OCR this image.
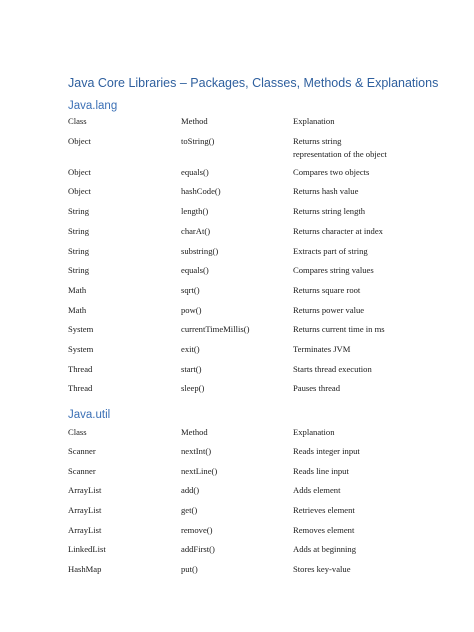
Java Core Libraries – Packages, Classes, Methods & Explanations
Java.lang
Class	Method	Explanation
Object	toString()	Returns string
representation of the object
Object	equals()	Compares two objects
Object	hashCode()	Returns hash value
String	length()	Returns string length
String	charAt()	Returns character at index
String	substring()	Extracts part of string
String	equals()	Compares string values
Math	sqrt()	Returns square root
Math	pow()	Returns power value
System	currentTimeMillis()	Returns current time in ms
System	exit()	Terminates JVM
Thread	start()	Starts thread execution
Thread	sleep()	Pauses thread
Java.util
Class	Method	Explanation
Scanner	nextInt()	Reads integer input
Scanner	nextLine()	Reads line input
ArrayList	add()	Adds element
ArrayList	get()	Retrieves element
ArrayList	remove()	Removes element
LinkedList	addFirst()	Adds at beginning
HashMap	put()	Stores key-value
